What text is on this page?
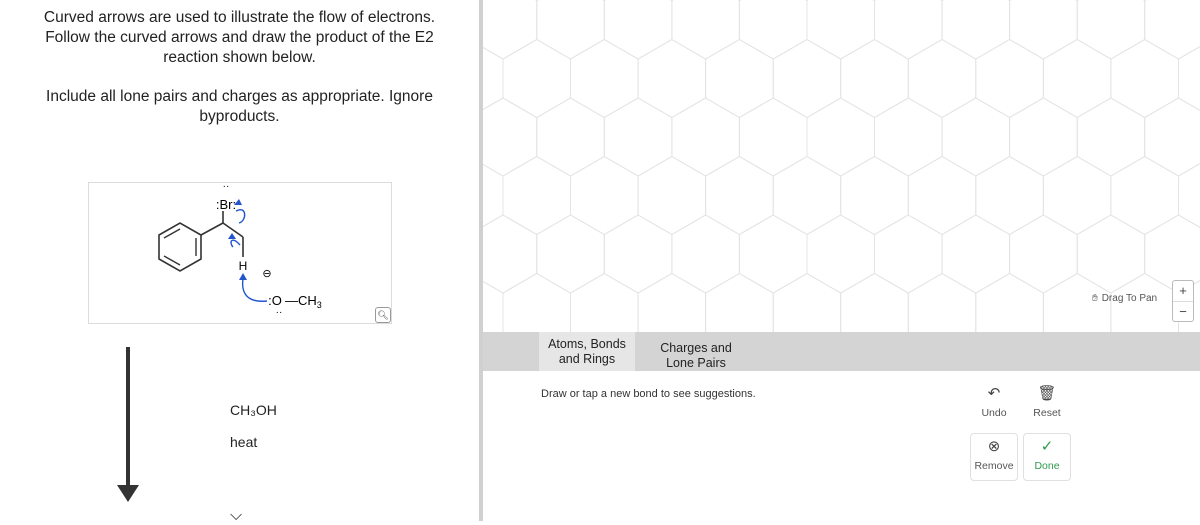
Curved arrows are used to illustrate the flow of electrons. Follow the curved arrows and draw the product of the E2 reaction shown below.
Include all lone pairs and charges as appropriate. Ignore byproducts.
··
:Br:
H
⊖
:O
··
$—CH_3$
🔍︎
CH₃OH
heat
⌵
✋︎ Drag To Pan
+
−
Atoms, Bonds and Rings
Charges and Lone Pairs
Draw or tap a new bond to see suggestions.	↶
Undo
🗑︎
Reset
⊗
Remove
✓
Done
